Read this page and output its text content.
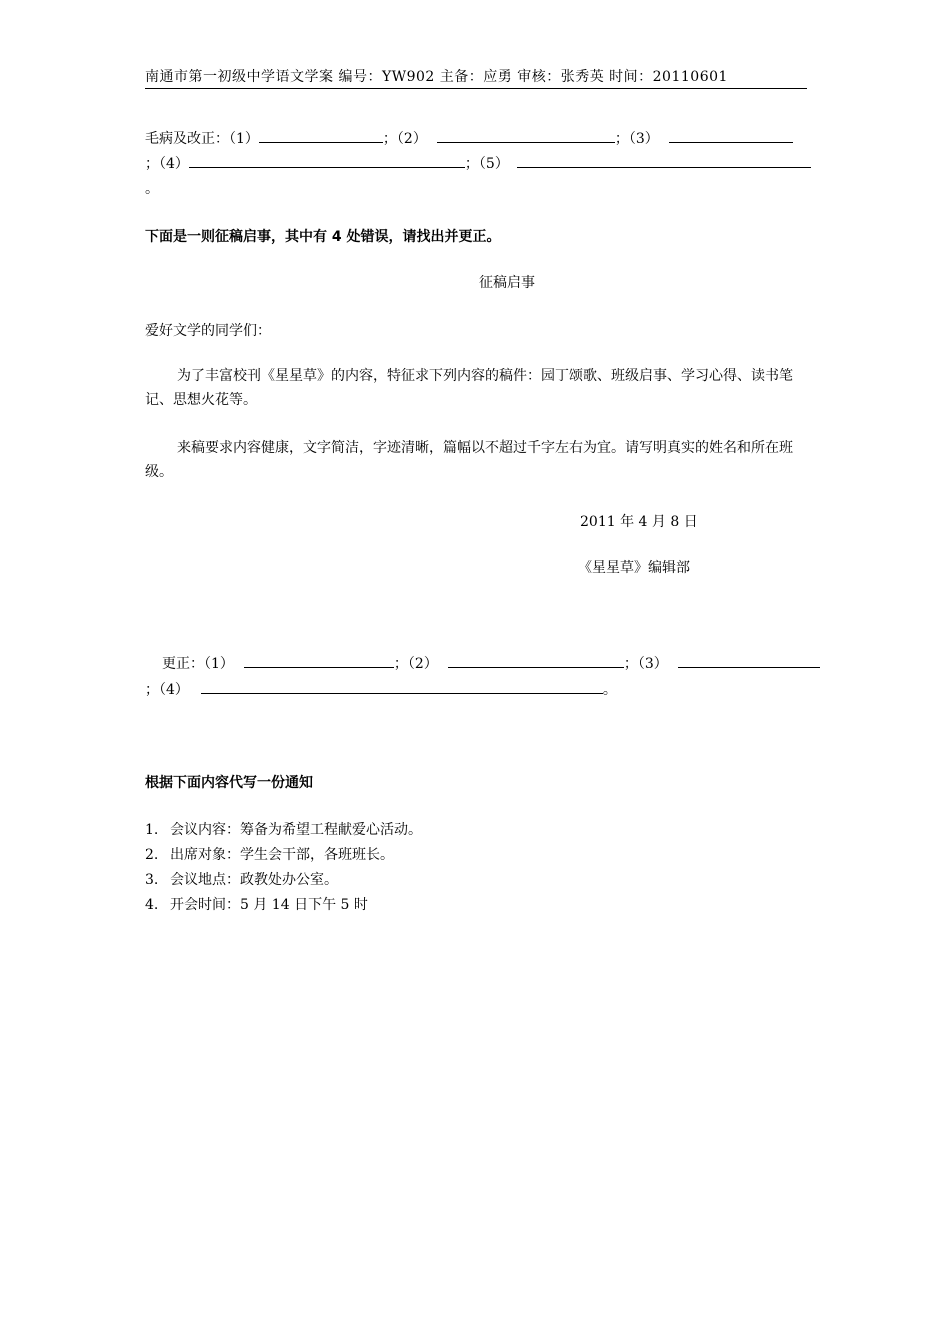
南通市第一初级中学语文学案 编号：YW902 主备：应勇 审核：张秀英 时间：20110601
毛病及改正：（1）	；（2）	；（3）
；（4）	；（5）
。
下面是一则征稿启事，其中有 4 处错误，请找出并更正。
征稿启事
爱好文学的同学们：
为了丰富校刊《星星草》的内容，特征求下列内容的稿件：园丁颂歌、班级启事、学习心得、读书笔记、思想火花等。
来稿要求内容健康，文字简洁，字迹清晰，篇幅以不超过千字左右为宜。请写明真实的姓名和所在班级。
2011 年 4 月 8 日
《星星草》编辑部
更正：（1）	；（2）	；（3）
；（4）	。
根据下面内容代写一份通知
1. 会议内容：筹备为希望工程献爱心活动。
2. 出席对象：学生会干部，各班班长。
3. 会议地点：政教处办公室。
4. 开会时间：5 月 14 日下午 5 时
